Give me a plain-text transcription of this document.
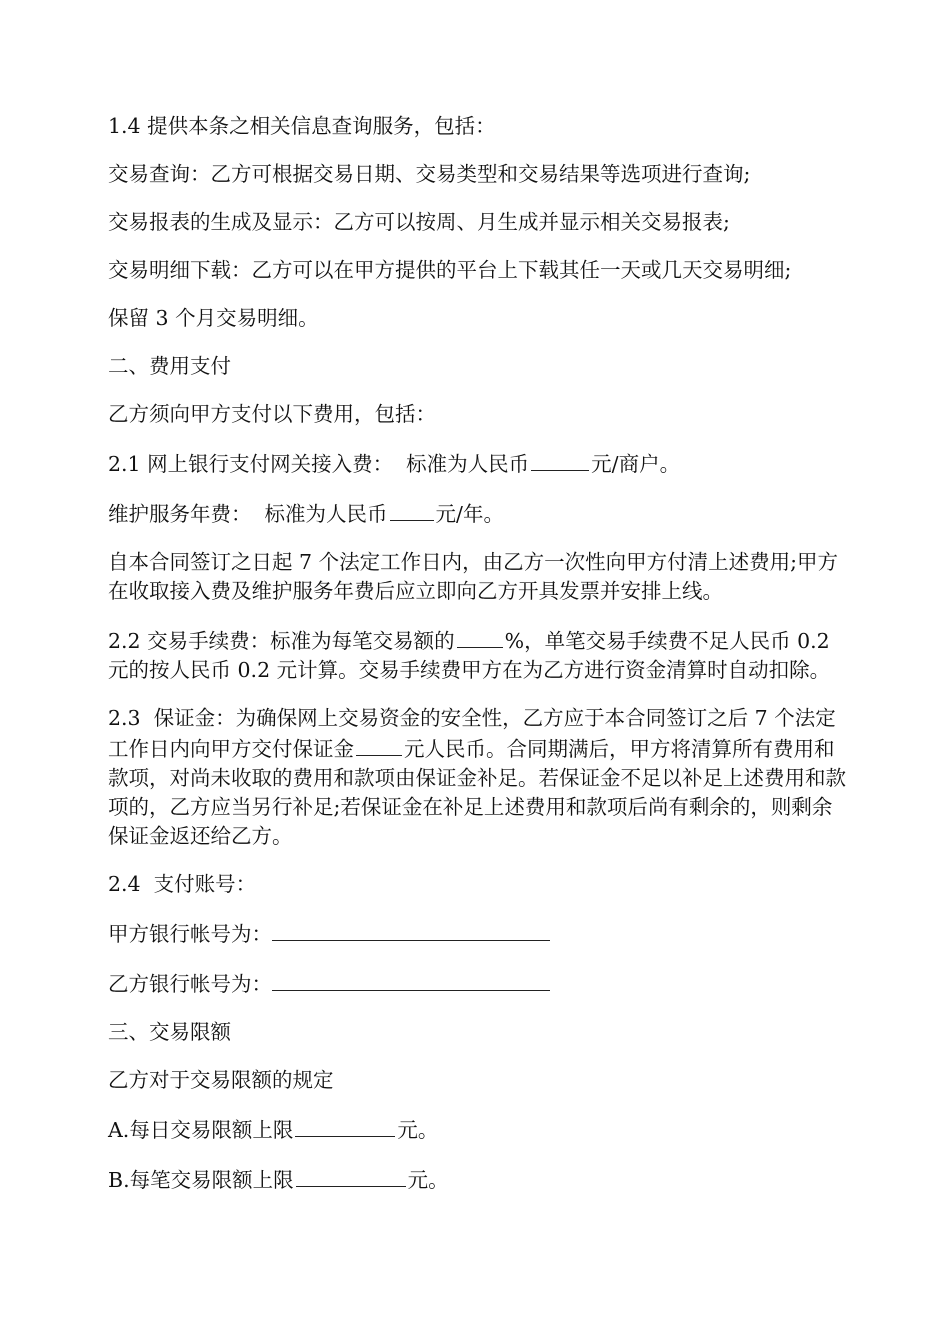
1.4 提供本条之相关信息查询服务，包括：

交易查询：乙方可根据交易日期、交易类型和交易结果等选项进行查询;

交易报表的生成及显示：乙方可以按周、月生成并显示相关交易报表;

交易明细下载：乙方可以在甲方提供的平台上下载其任一天或几天交易明细;

保留 3 个月交易明细。

二、费用支付

乙方须向甲方支付以下费用，包括：

2.1 网上银行支付网关接入费：  标准为人民币	元/商户。

维护服务年费：  标准为人民币 元/年。

自本合同签订之日起 7 个法定工作日内，由乙方一次性向甲方付清上述费用;甲方在收取接入费及维护服务年费后应立即向乙方开具发票并安排上线。

2.2 交易手续费：标准为每笔交易额的 %，单笔交易手续费不足人民币 0.2 元的按人民币 0.2 元计算。交易手续费甲方在为乙方进行资金清算时自动扣除。

2.3  保证金：为确保网上交易资金的安全性，乙方应于本合同签订之后 7 个法定工作日内向甲方交付保证金 元人民币。合同期满后，甲方将清算所有费用和款项，对尚未收取的费用和款项由保证金补足。若保证金不足以补足上述费用和款项的，乙方应当另行补足;若保证金在补足上述费用和款项后尚有剩余的，则剩余保证金返还给乙方。

2.4  支付账号：

甲方银行帐号为：

乙方银行帐号为：

三、交易限额

乙方对于交易限额的规定

A.每日交易限额上限	元。

B.每笔交易限额上限	元。
